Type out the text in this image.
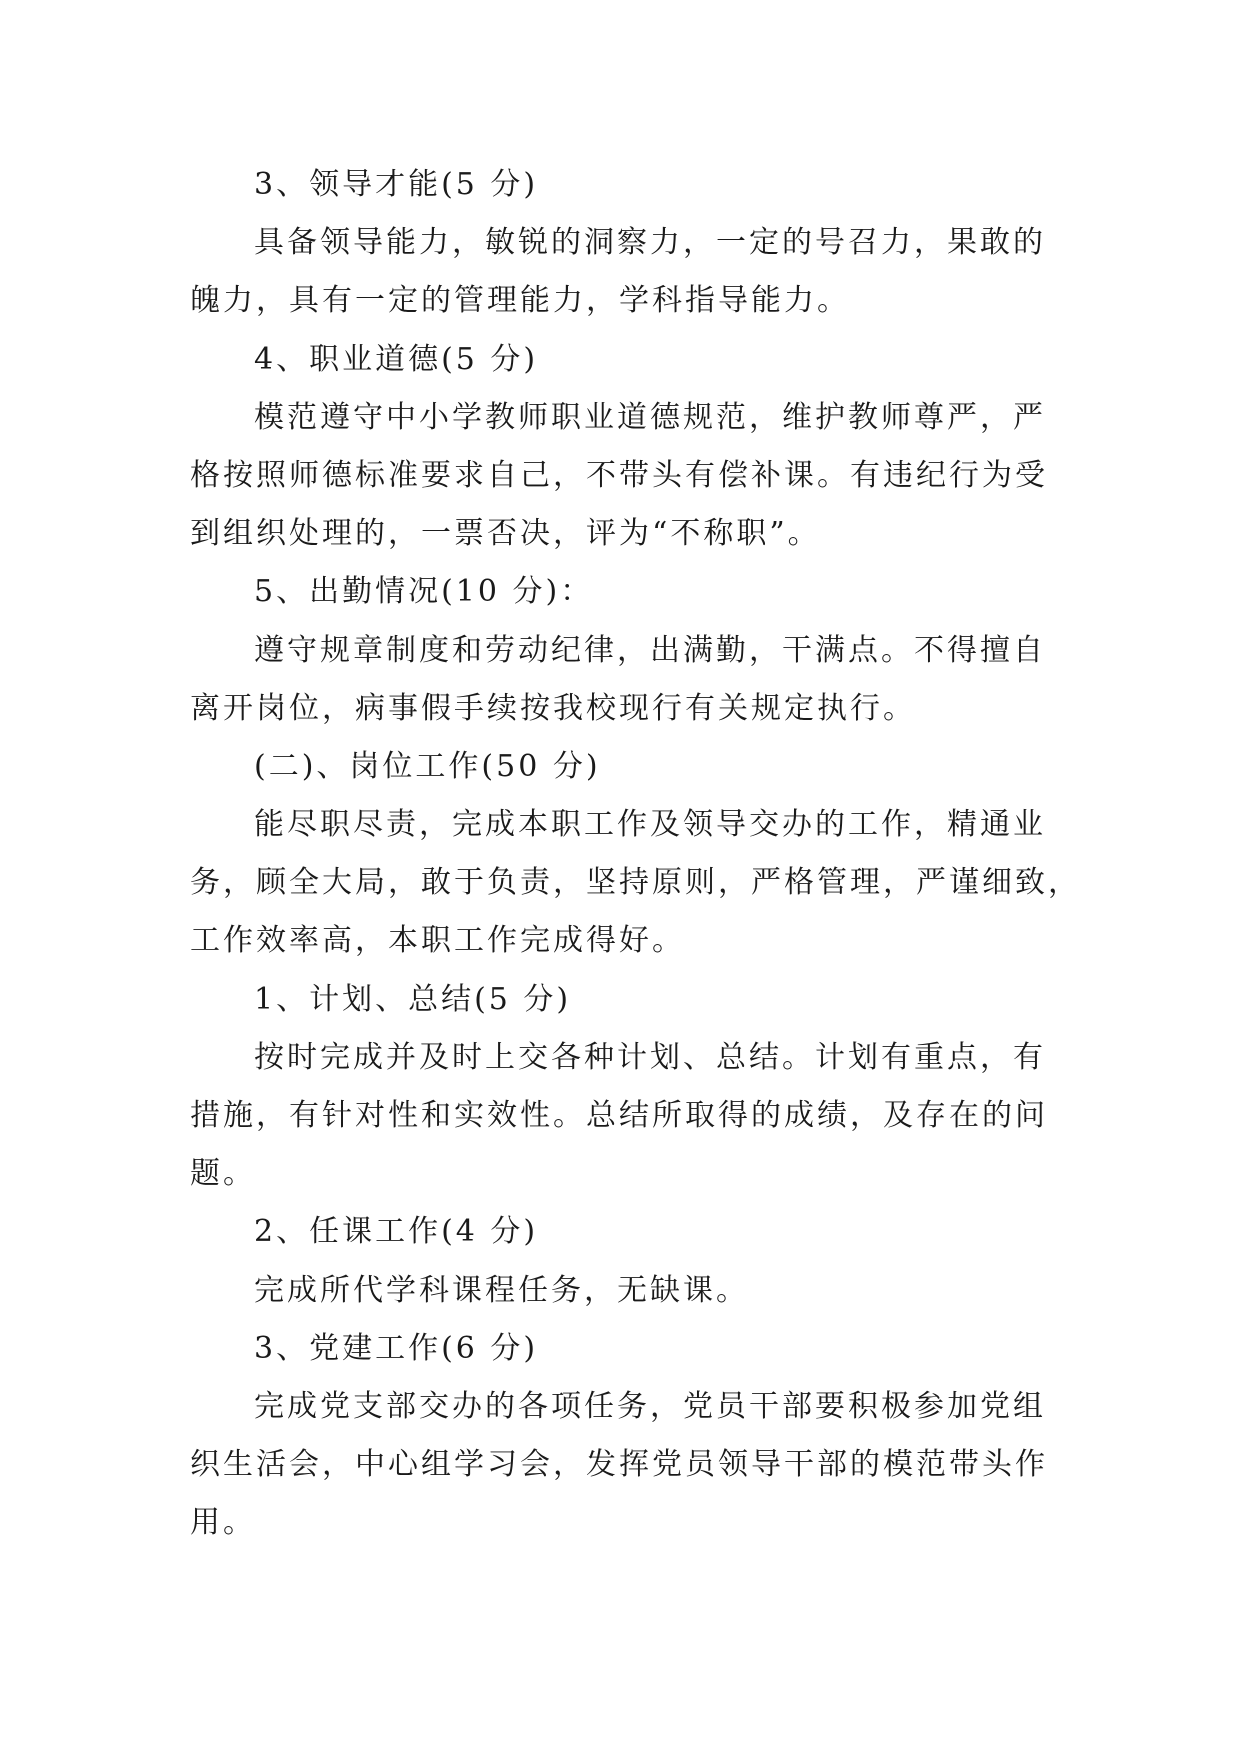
3、领导才能(5 分)

具备领导能力，敏锐的洞察力，一定的号召力，果敢的

魄力，具有一定的管理能力，学科指导能力。

4、职业道德(5 分)

模范遵守中小学教师职业道德规范，维护教师尊严，严

格按照师德标准要求自己，不带头有偿补课。有违纪行为受

到组织处理的，一票否决，评为“不称职”。

5、出勤情况(10 分)：

遵守规章制度和劳动纪律，出满勤，干满点。不得擅自

离开岗位，病事假手续按我校现行有关规定执行。

(二)、岗位工作(50 分)

能尽职尽责，完成本职工作及领导交办的工作，精通业

务，顾全大局，敢于负责，坚持原则，严格管理，严谨细致，

工作效率高，本职工作完成得好。

1、计划、总结(5 分)

按时完成并及时上交各种计划、总结。计划有重点，有

措施，有针对性和实效性。总结所取得的成绩，及存在的问

题。

2、任课工作(4 分)

完成所代学科课程任务，无缺课。

3、党建工作(6 分)

完成党支部交办的各项任务，党员干部要积极参加党组

织生活会，中心组学习会，发挥党员领导干部的模范带头作

用。
